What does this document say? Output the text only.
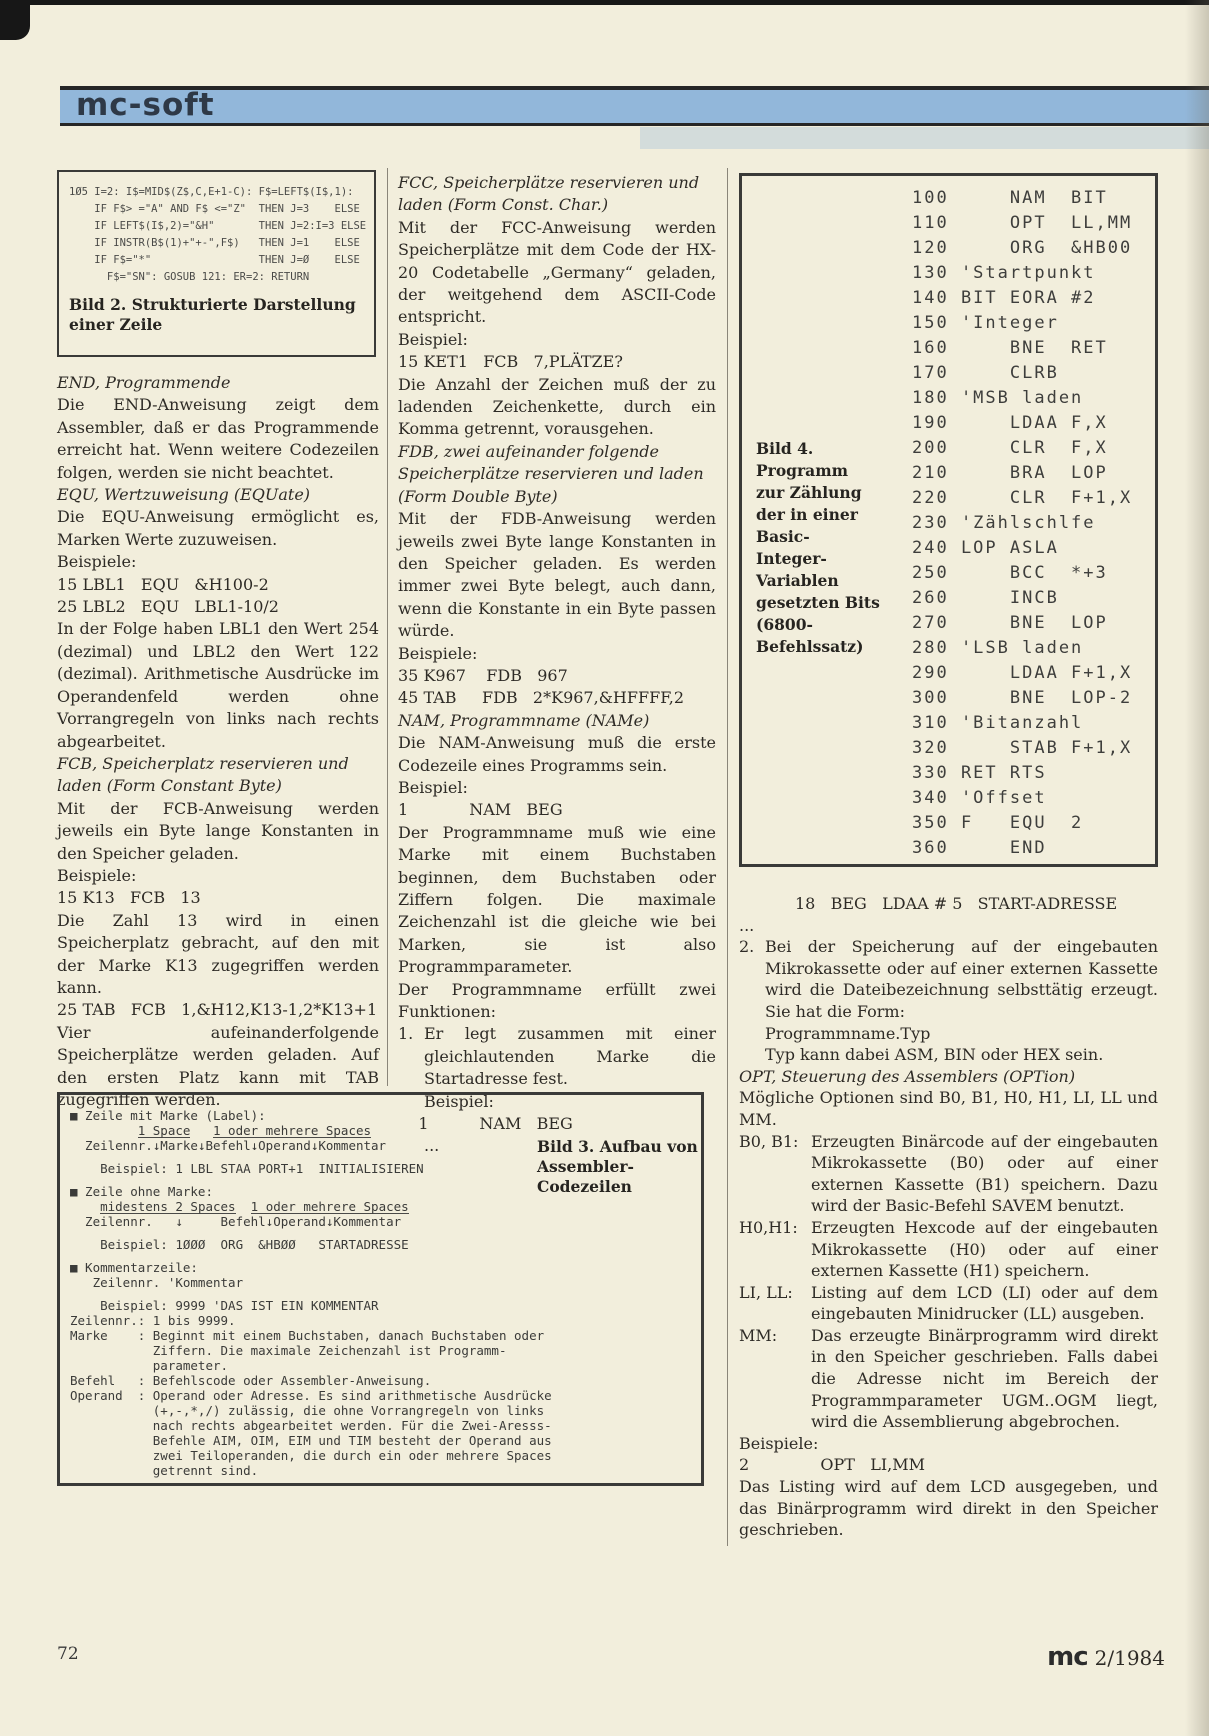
mc-soft
1Ø5 I=2: I$=MID$(Z$,C,E+1-C): F$=LEFT$(I$,1):
IF F$> ="A" AND F$ <="Z"  THEN J=3    ELSE
IF LEFT$(I$,2)="&H"       THEN J=2:I=3 ELSE
IF INSTR(B$(1)+"+-",F$)   THEN J=1    ELSE
IF F$="*"                 THEN J=Ø    ELSE
F$="SN": GOSUB 121: ER=2: RETURN
Bild 2. Strukturierte Darstellung einer Zeile
END, Programmende
Die END-Anweisung zeigt dem Assembler, daß er das Programmende erreicht hat. Wenn weitere Codezeilen folgen, werden sie nicht beachtet.
EQU, Wertzuweisung (EQUate)
Die EQU-Anweisung ermöglicht es, Marken Werte zuzuweisen.
Beispiele:
15 LBL1   EQU   &H100-2
25 LBL2   EQU   LBL1-10/2
In der Folge haben LBL1 den Wert 254 (dezimal) und LBL2 den Wert 122 (dezimal). Arithmetische Ausdrücke im Operandenfeld werden ohne Vorrangregeln von links nach rechts abgearbeitet.
FCB, Speicherplatz reservieren und laden (Form Constant Byte)
Mit der FCB-Anweisung werden jeweils ein Byte lange Konstanten in den Speicher geladen.
Beispiele:
15 K13   FCB   13
Die Zahl 13 wird in einen Speicherplatz gebracht, auf den mit der Marke K13 zugegriffen werden kann.
25 TAB   FCB   1,&H12,K13-1,2*K13+1
Vier aufeinanderfolgende Speicherplätze werden geladen. Auf den ersten Platz kann mit TAB zugegriffen werden.
FCC, Speicherplätze reservieren und laden (Form Const. Char.)
Mit der FCC-Anweisung werden Speicherplätze mit dem Code der HX-20 Codetabelle „Germany“ geladen, der weitgehend dem ASCII-Code entspricht.
Beispiel:
15 KET1   FCB   7,PLÄTZE?
Die Anzahl der Zeichen muß der zu ladenden Zeichenkette, durch ein Komma getrennt, vorausgehen.
FDB, zwei aufeinander folgende Speicherplätze reservieren und laden (Form Double Byte)
Mit der FDB-Anweisung werden jeweils zwei Byte lange Konstanten in den Speicher geladen. Es werden immer zwei Byte belegt, auch dann, wenn die Konstante in ein Byte passen würde.
Beispiele:
35 K967    FDB   967
45 TAB     FDB   2*K967,&HFFFF,2
NAM, Programmname (NAMe)
Die NAM-Anweisung muß die erste Codezeile eines Programms sein.
Beispiel:
1            NAM   BEG
Der Programmname muß wie eine Marke mit einem Buchstaben beginnen, dem Buchstaben oder Ziffern folgen. Die maximale Zeichenzahl ist die gleiche wie bei Marken, sie ist also Programmparameter.
Der Programmname erfüllt zwei Funktionen:
1. Er legt zusammen mit einer gleichlautenden Marke die Startadresse fest.
Beispiel:
1          NAM   BEG
...
Bild 4. Programm zur Zählung der in einer Basic-Integer-Variablen gesetzten Bits (6800-Befehlssatz)
100     NAM  BIT
110     OPT  LL,MM
120     ORG  &HB00
130 'Startpunkt
140 BIT EORA #2
150 'Integer
160     BNE  RET
170     CLRB
180 'MSB laden
190     LDAA F,X
200     CLR  F,X
210     BRA  LOP
220     CLR  F+1,X
230 'Zählschlfe
240 LOP ASLA
250     BCC  *+3
260     INCB
270     BNE  LOP
280 'LSB laden
290     LDAA F+1,X
300     BNE  LOP-2
310 'Bitanzahl
320     STAB F+1,X
330 RET RTS
340 'Offset
350 F   EQU  2
360     END
18   BEG   LDAA # 5   START-ADRESSE
...
2. Bei der Speicherung auf der eingebauten Mikrokassette oder auf einer externen Kassette wird die Dateibezeichnung selbsttätig erzeugt. Sie hat die Form:
Programmname.Typ
Typ kann dabei ASM, BIN oder HEX sein.
OPT, Steuerung des Assemblers (OPTion)
Mögliche Optionen sind B0, B1, H0, H1, LI, LL und MM.
B0, B1: Erzeugten Binärcode auf der eingebauten Mikrokassette (B0) oder auf einer externen Kassette (B1) speichern. Dazu wird der Basic-Befehl SAVEM benutzt.
H0,H1: Erzeugten Hexcode auf der eingebauten Mikrokassette (H0) oder auf einer externen Kassette (H1) speichern.
LI, LL:	Listing auf dem LCD (LI) oder auf dem eingebauten Minidrucker (LL) ausgeben.
MM:	Das erzeugte Binärprogramm wird direkt in den Speicher geschrieben. Falls dabei die Adresse nicht im Bereich der Programmparameter UGM..OGM liegt, wird die Assemblierung abgebrochen.
Beispiele:
2              OPT   LI,MM
Das Listing wird auf dem LCD ausgegeben, und das Binärprogramm wird direkt in den Speicher geschrieben.
■ Zeile mit Marke (Label):
1 Space 1 oder mehrere Spaces
Zeilennr.↓Marke↓Befehl↓Operand↓Kommentar
Beispiel: 1 LBL STAA PORT+1  INITIALISIEREN
■ Zeile ohne Marke:
midestens 2 Spaces 1 oder mehrere Spaces
Zeilennr.   ↓     Befehl↓Operand↓Kommentar
Beispiel: 1ØØØ  ORG  &HBØØ   STARTADRESSE
■ Kommentarzeile:
Zeilennr. 'Kommentar
Beispiel: 9999 'DAS IST EIN KOMMENTAR
Zeilennr.: 1 bis 9999.
Marke    : Beginnt mit einem Buchstaben, danach Buchstaben oder
Ziffern. Die maximale Zeichenzahl ist Programm-
parameter.
Befehl   : Befehlscode oder Assembler-Anweisung.
Operand  : Operand oder Adresse. Es sind arithmetische Ausdrücke
(+,-,*,/) zulässig, die ohne Vorrangregeln von links
nach rechts abgearbeitet werden. Für die Zwei-Aresss-
Befehle AIM, OIM, EIM und TIM besteht der Operand aus
zwei Teiloperanden, die durch ein oder mehrere Spaces
getrennt sind.
Bild 3. Aufbau von Assembler-Codezeilen
72	mc 2/1984
